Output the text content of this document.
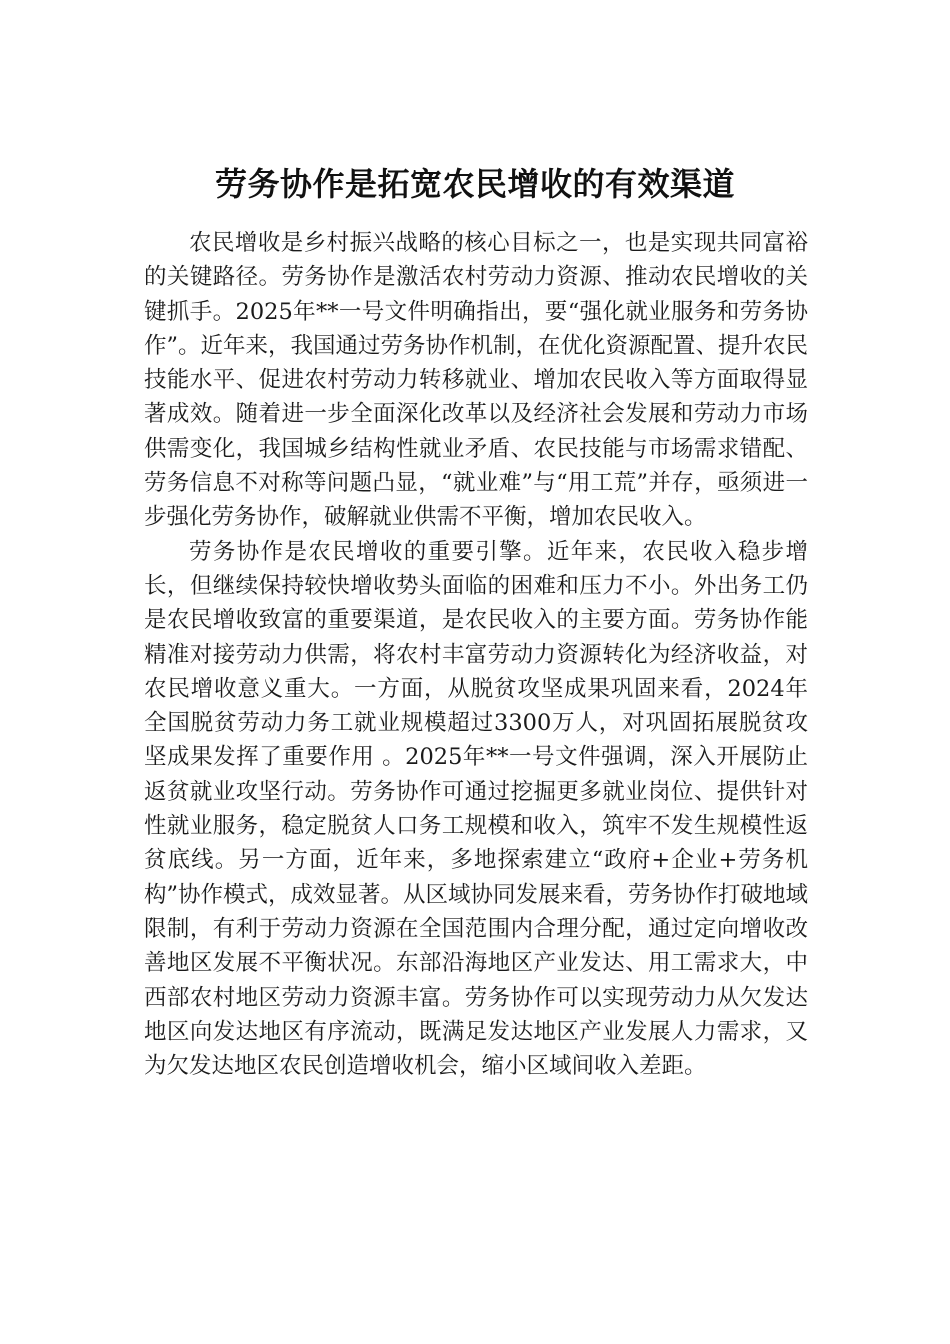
劳务协作是拓宽农民增收的有效渠道

农民增收是乡村振兴战略的核心目标之一，也是实现共同富裕的关键路径。劳务协作是激活农村劳动力资源、推动农民增收的关键抓手。2025年**一号文件明确指出，要“强化就业服务和劳务协作”。近年来，我国通过劳务协作机制，在优化资源配置、提升农民技能水平、促进农村劳动力转移就业、增加农民收入等方面取得显著成效。随着进一步全面深化改革以及经济社会发展和劳动力市场供需变化，我国城乡结构性就业矛盾、农民技能与市场需求错配、劳务信息不对称等问题凸显，“就业难”与“用工荒”并存，亟须进一步强化劳务协作，破解就业供需不平衡，增加农民收入。

劳务协作是农民增收的重要引擎。近年来，农民收入稳步增长，但继续保持较快增收势头面临的困难和压力不小。外出务工仍是农民增收致富的重要渠道，是农民收入的主要方面。劳务协作能精准对接劳动力供需，将农村丰富劳动力资源转化为经济收益，对农民增收意义重大。一方面，从脱贫攻坚成果巩固来看，2024年全国脱贫劳动力务工就业规模超过3300万人，对巩固拓展脱贫攻坚成果发挥了重要作用 。2025年**一号文件强调，深入开展防止返贫就业攻坚行动。劳务协作可通过挖掘更多就业岗位、提供针对性就业服务，稳定脱贫人口务工规模和收入，筑牢不发生规模性返贫底线。另一方面，近年来，多地探索建立“政府+企业+劳务机构”协作模式，成效显著。从区域协同发展来看，劳务协作打破地域限制，有利于劳动力资源在全国范围内合理分配，通过定向增收改善地区发展不平衡状况。东部沿海地区产业发达、用工需求大，中西部农村地区劳动力资源丰富。劳务协作可以实现劳动力从欠发达地区向发达地区有序流动，既满足发达地区产业发展人力需求，又为欠发达地区农民创造增收机会，缩小区域间收入差距。
